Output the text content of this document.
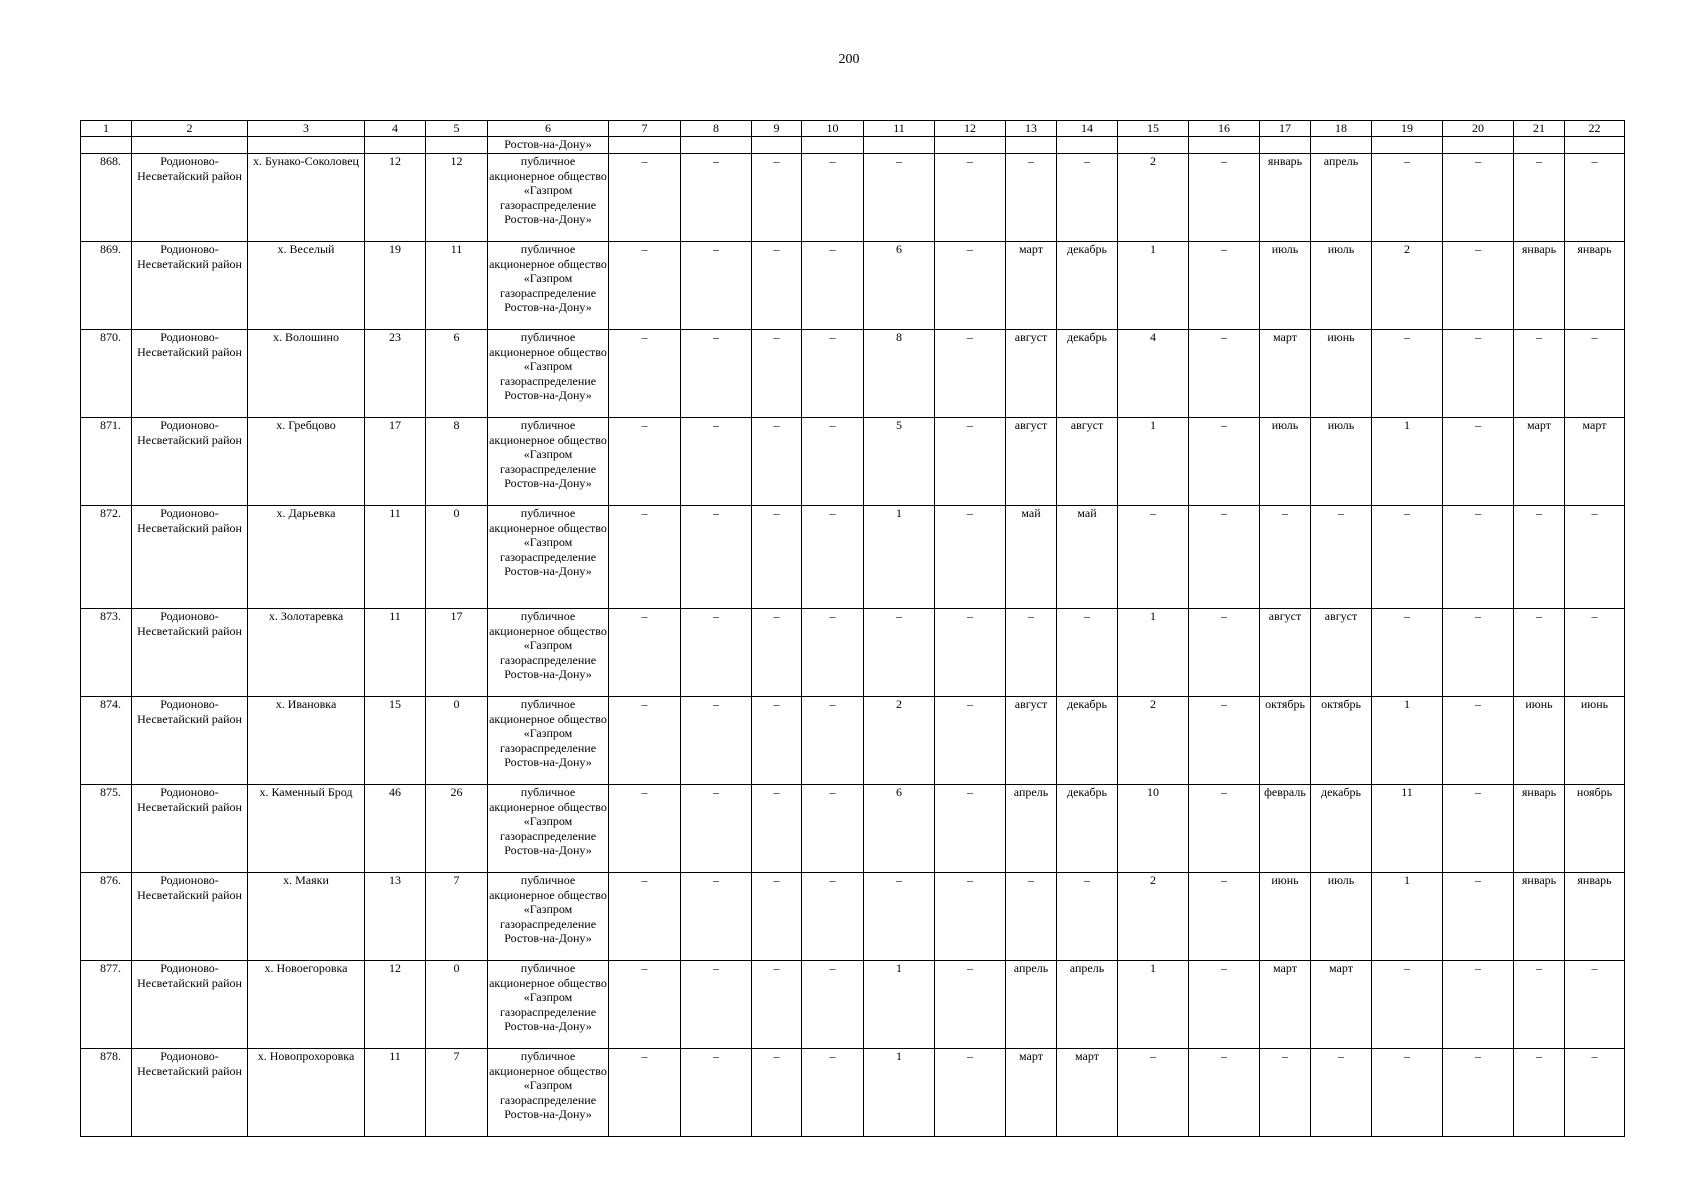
200
1	2	3	4	5	6	7	8	9	10	11	12	13	14	15	16	17	18	19	20	21	22
					Ростов-на-Дону»																
868.	Родионово-Несветайский район	х. Бунако-Соколовец	12	12	публичное акционерное общество «Газпром газораспределение Ростов-на-Дону»	–	–	–	–	–	–	–	–	2	–	январь	апрель	–	–	–	–
869.	Родионово-Несветайский район	х. Веселый	19	11	публичное акционерное общество «Газпром газораспределение Ростов-на-Дону»	–	–	–	–	6	–	март	декабрь	1	–	июль	июль	2	–	январь	январь
870.	Родионово-Несветайский район	х. Волошино	23	6	публичное акционерное общество «Газпром газораспределение Ростов-на-Дону»	–	–	–	–	8	–	август	декабрь	4	–	март	июнь	–	–	–	–
871.	Родионово-Несветайский район	х. Гребцово	17	8	публичное акционерное общество «Газпром газораспределение Ростов-на-Дону»	–	–	–	–	5	–	август	август	1	–	июль	июль	1	–	март	март
872.	Родионово-Несветайский район	х. Дарьевка	11	0	публичное акционерное общество «Газпром газораспределение Ростов-на-Дону»	–	–	–	–	1	–	май	май	–	–	–	–	–	–	–	–
873.	Родионово-Несветайский район	х. Золотаревка	11	17	публичное акционерное общество «Газпром газораспределение Ростов-на-Дону»	–	–	–	–	–	–	–	–	1	–	август	август	–	–	–	–
874.	Родионово-Несветайский район	х. Ивановка	15	0	публичное акционерное общество «Газпром газораспределение Ростов-на-Дону»	–	–	–	–	2	–	август	декабрь	2	–	октябрь	октябрь	1	–	июнь	июнь
875.	Родионово-Несветайский район	х. Каменный Брод	46	26	публичное акционерное общество «Газпром газораспределение Ростов-на-Дону»	–	–	–	–	6	–	апрель	декабрь	10	–	февраль	декабрь	11	–	январь	ноябрь
876.	Родионово-Несветайский район	х. Маяки	13	7	публичное акционерное общество «Газпром газораспределение Ростов-на-Дону»	–	–	–	–	–	–	–	–	2	–	июнь	июль	1	–	январь	январь
877.	Родионово-Несветайский район	х. Новоегоровка	12	0	публичное акционерное общество «Газпром газораспределение Ростов-на-Дону»	–	–	–	–	1	–	апрель	апрель	1	–	март	март	–	–	–	–
878.	Родионово-Несветайский район	х. Новопрохоровка	11	7	публичное акционерное общество «Газпром газораспределение Ростов-на-Дону»	–	–	–	–	1	–	март	март	–	–	–	–	–	–	–	–
